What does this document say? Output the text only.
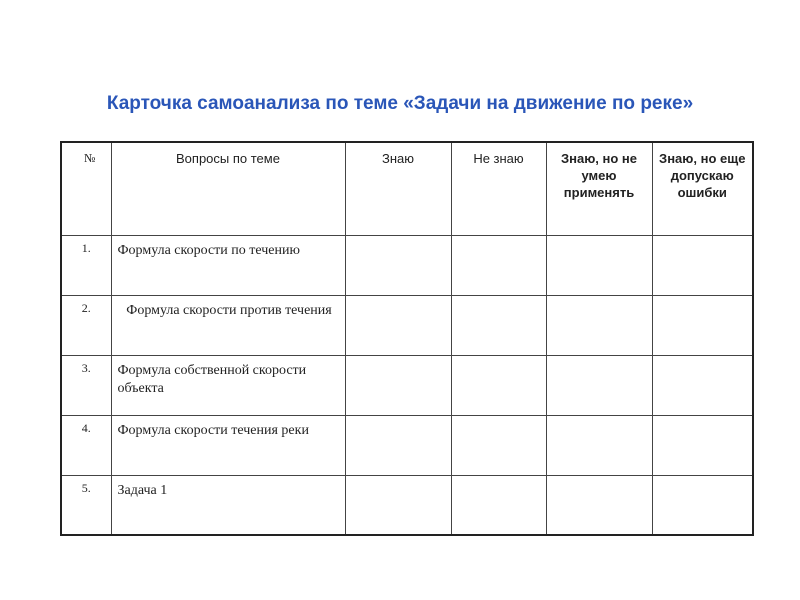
Карточка самоанализа по теме «Задачи на движение по реке»
№	Вопросы по теме	Знаю	Не знаю	Знаю, но не умею применять	Знаю, но еще допускаю ошибки
1.	Формула скорости по течению				
2.	Формула скорости против течения				
3.	Формула собственной скорости объекта				
4.	Формула скорости течения реки				
5.	Задача 1				
